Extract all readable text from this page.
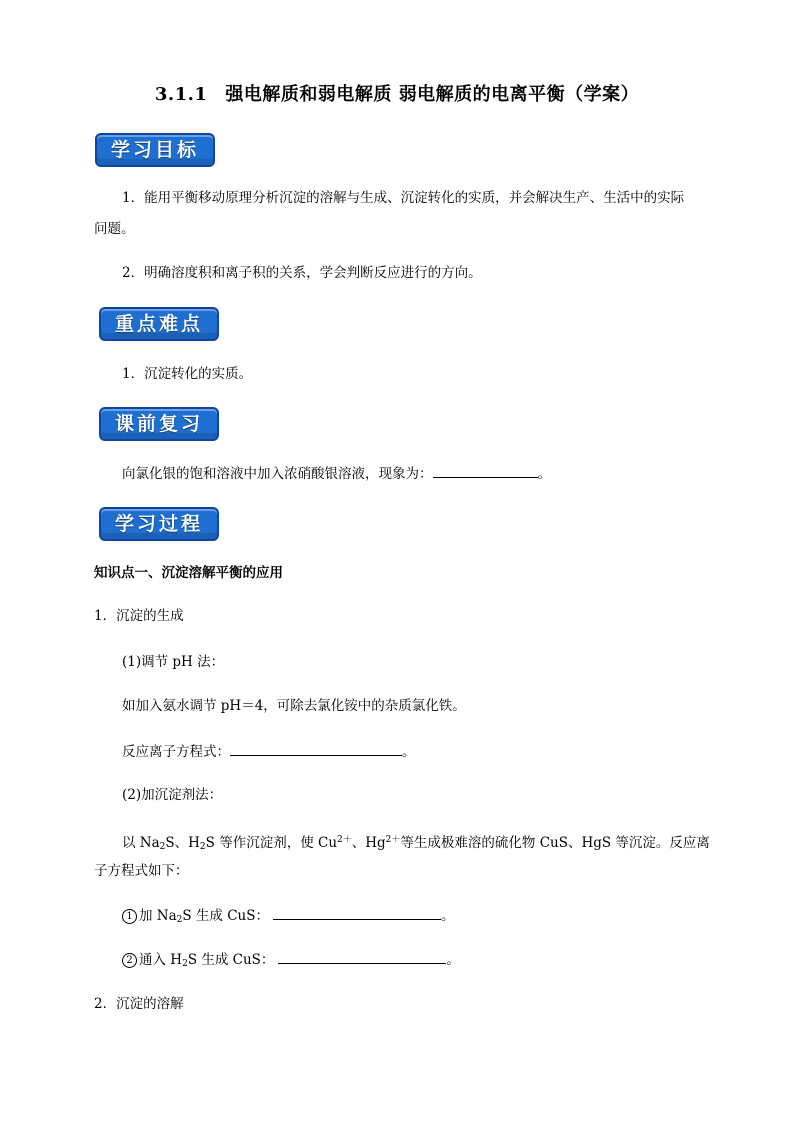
3.1.1 强电解质和弱电解质 弱电解质的电离平衡（学案）
学习目标
1．能用平衡移动原理分析沉淀的溶解与生成、沉淀转化的实质，并会解决生产、生活中的实际
问题。
2．明确溶度积和离子积的关系，学会判断反应进行的方向。
重点难点
1．沉淀转化的实质。
课前复习
向氯化银的饱和溶液中加入浓硝酸银溶液，现象为：	。
学习过程
知识点一、沉淀溶解平衡的应用
1．沉淀的生成
(1)调节 pH 法：
如加入氨水调节 pH＝4，可除去氯化铵中的杂质氯化铁。
反应离子方程式：	。
(2)加沉淀剂法：
以 $Na_2S$、$H_2S$ 等作沉淀剂，使 $Cu^{2+}$、$Hg^{2+}$等生成极难溶的硫化物 CuS、HgS 等沉淀。反应离
子方程式如下：
1 加 $Na_2S$ 生成 CuS：	。
2 通入 $H_2S$ 生成 CuS：	。
2．沉淀的溶解
